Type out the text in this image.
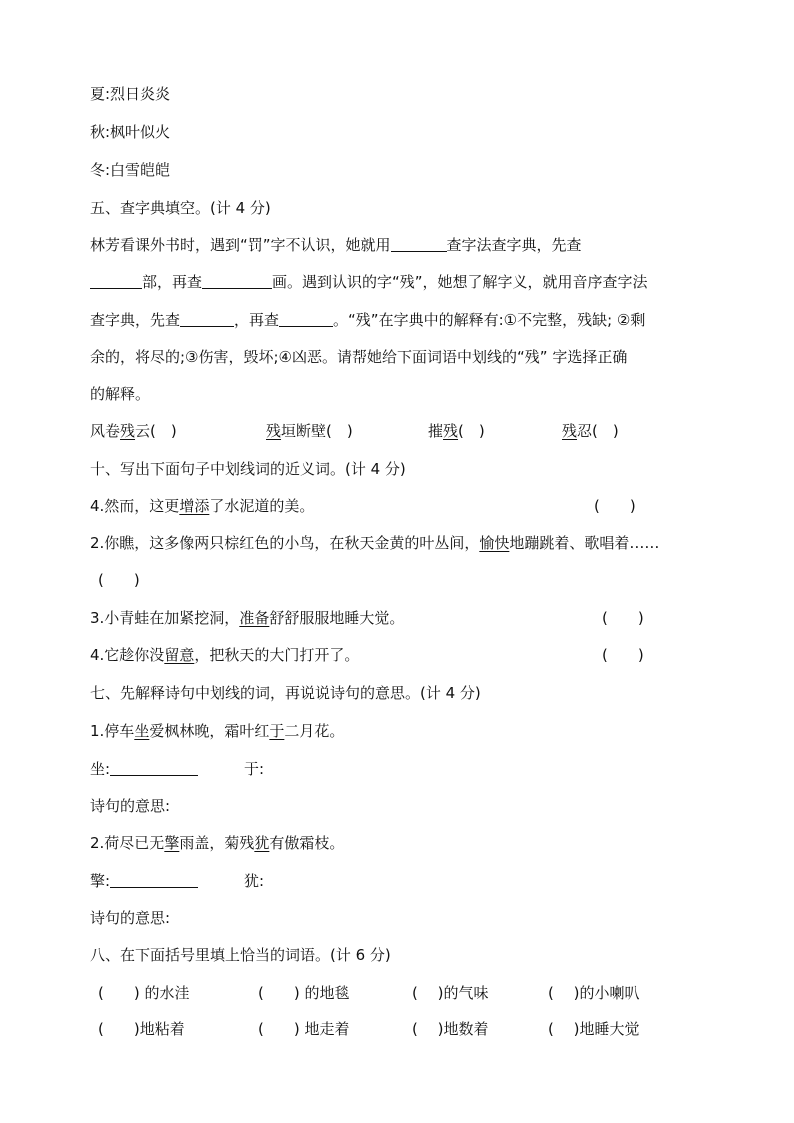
夏:烈日炎炎
秋:枫叶似火
冬:白雪皑皑
五、查字典填空。(计 4 分)
林芳看课外书时，遇到“罚”字不认识，她就用	查字法查字典，先查
部，再查	画。遇到认识的字“残”，她想了解字义，就用音序查字法
查字典，先查	，再查	。“残”在字典中的解释有:①不完整，残缺; ②剩
余的，将尽的;③伤害，毁坏;④凶恶。请帮她给下面词语中划线的“残” 字选择正确
的解释。
风卷残云(　)	残垣断壁(　)	摧残(　)	残忍(　)
十、写出下面句子中划线词的近义词。(计 4 分)
4.然而，这更增添了水泥道的美。	(　　)
2.你瞧，这多像两只棕红色的小鸟，在秋天金黄的叶丛间，愉快地蹦跳着、歌唱着……
(　　)
3.小青蛙在加紧挖洞，准备舒舒服服地睡大觉。	(　　)
4.它趁你没留意，把秋天的大门打开了。	(　　)
七、先解释诗句中划线的词，再说说诗句的意思。(计 4 分)
1.停车坐爱枫林晚，霜叶红于二月花。
坐:	于:
诗句的意思:
2.荷尽已无擎雨盖，菊残犹有傲霜枝。
擎:	犹:
诗句的意思:
八、在下面括号里填上恰当的词语。(计 6 分)
(　　) 的水洼	(　　) 的地毯	(　 )的气味	(　 )的小喇叭
(　　)地粘着	(　　) 地走着	(　 )地数着	(　 )地睡大觉
